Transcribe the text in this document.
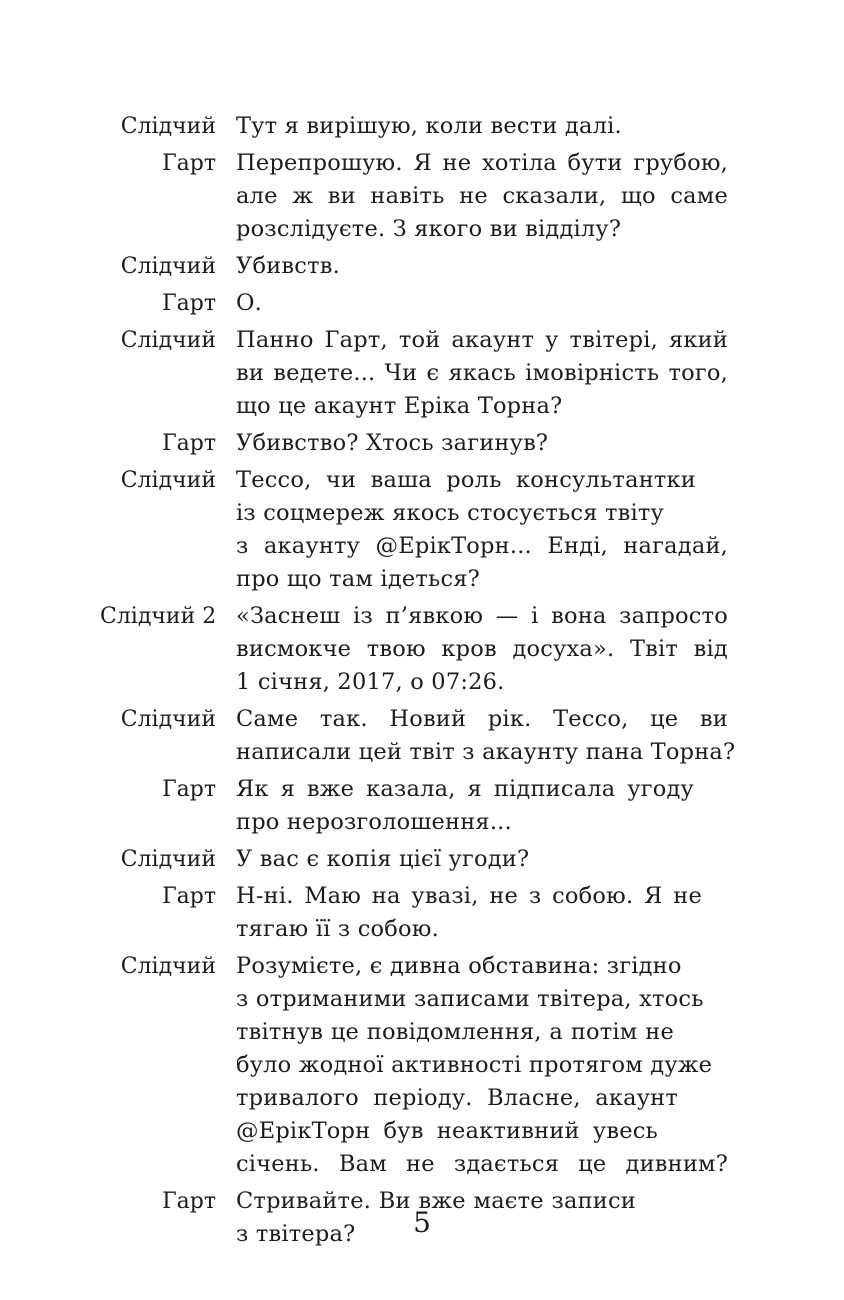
Слідчий Тут я вирішую, коли вести далі.
Гарт Перепрошую. Я не хотіла бути грубою,
але ж ви навіть не сказали, що саме
розслідуєте. З якого ви відділу?
Слідчий Убивств.
Гарт О.
Слідчий Панно Гарт, той акаунт у твітері, який
ви ведете... Чи є якась імовірність того,
що це акаунт Еріка Торна?
Гарт Убивство? Хтось загинув?
Слідчий Тессо, чи ваша роль консультантки
із соцмереж якось стосується твіту
з акаунту @ЕрікТорн... Енді, нагадай,
про що там ідеться?
Слідчий 2 «Заснеш із п’явкою — і вона запросто
висмокче твою кров досуха». Твіт від
1 січня, 2017, о 07:26.
Слідчий Саме так. Новий рік. Тессо, це ви
написали цей твіт з акаунту пана Торна?
Гарт Як я вже казала, я підписала угоду
про нерозголошення...
Слідчий У вас є копія цієї угоди?
Гарт Н-ні. Маю на увазі, не з собою. Я не
тягаю її з собою.
Слідчий Розумієте, є дивна обставина: згідно
з отриманими записами твітера, хтось
твітнув це повідомлення, а потім не
було жодної активності протягом дуже
тривалого періоду. Власне, акаунт
@ЕрікТорн був неактивний увесь
січень. Вам не здається це дивним?
Гарт Стривайте. Ви вже маєте записи
з твітера?	5
